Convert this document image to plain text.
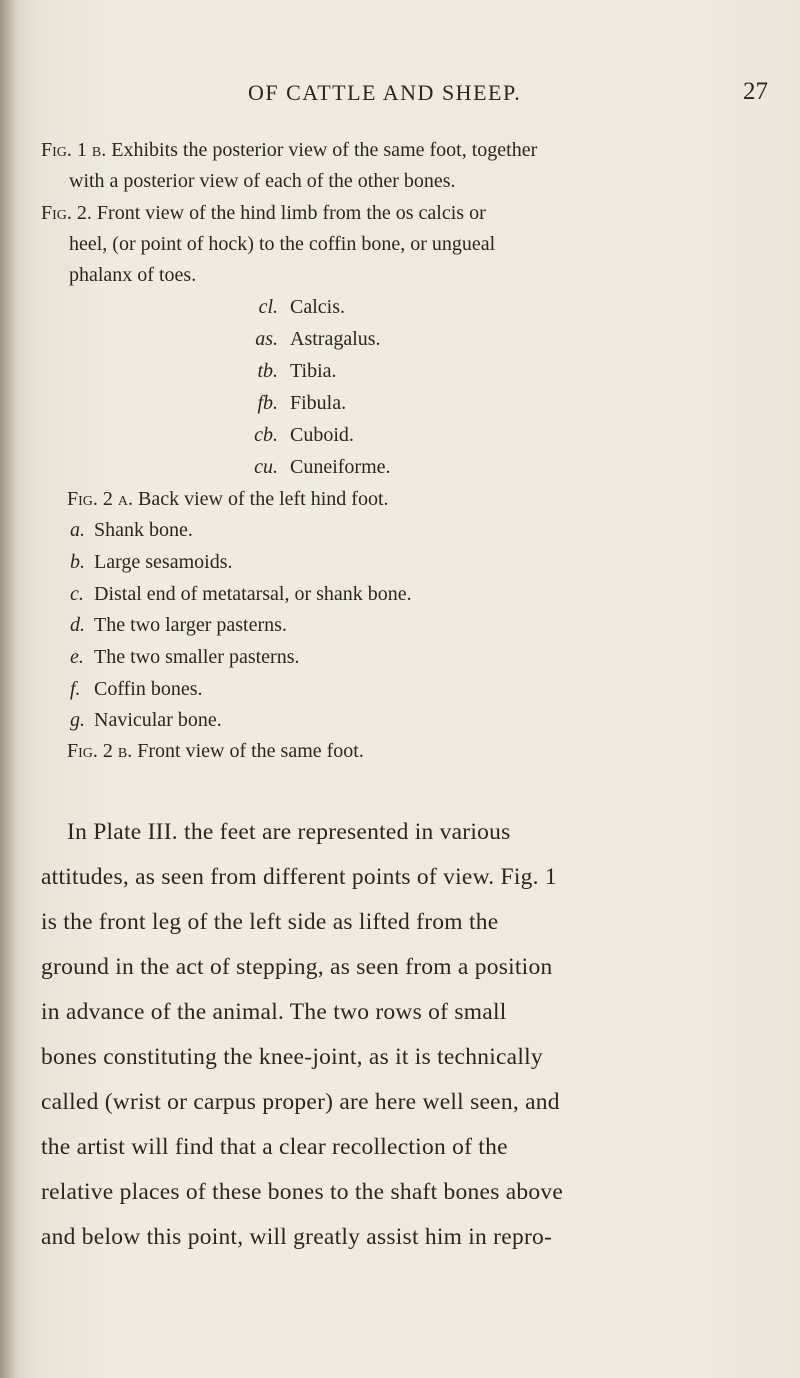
OF CATTLE AND SHEEP.	27
Fig. 1 b. Exhibits the posterior view of the same foot, together
with a posterior view of each of the other bones.
Fig. 2. Front view of the hind limb from the os calcis or
heel, (or point of hock) to the coffin bone, or ungueal
phalanx of toes.
cl. Calcis.
as. Astragalus.
tb. Tibia.
fb. Fibula.
cb. Cuboid.
cu. Cuneiforme.
Fig. 2 a. Back view of the left hind foot.
a. Shank bone.
b. Large sesamoids.
c. Distal end of metatarsal, or shank bone.
d. The two larger pasterns.
e. The two smaller pasterns.
f. Coffin bones.
g. Navicular bone.
Fig. 2 b. Front view of the same foot.
In Plate III. the feet are represented in various
attitudes, as seen from different points of view. Fig. 1
is the front leg of the left side as lifted from the
ground in the act of stepping, as seen from a position
in advance of the animal. The two rows of small
bones constituting the knee-joint, as it is technically
called (wrist or carpus proper) are here well seen, and
the artist will find that a clear recollection of the
relative places of these bones to the shaft bones above
and below this point, will greatly assist him in repro-
